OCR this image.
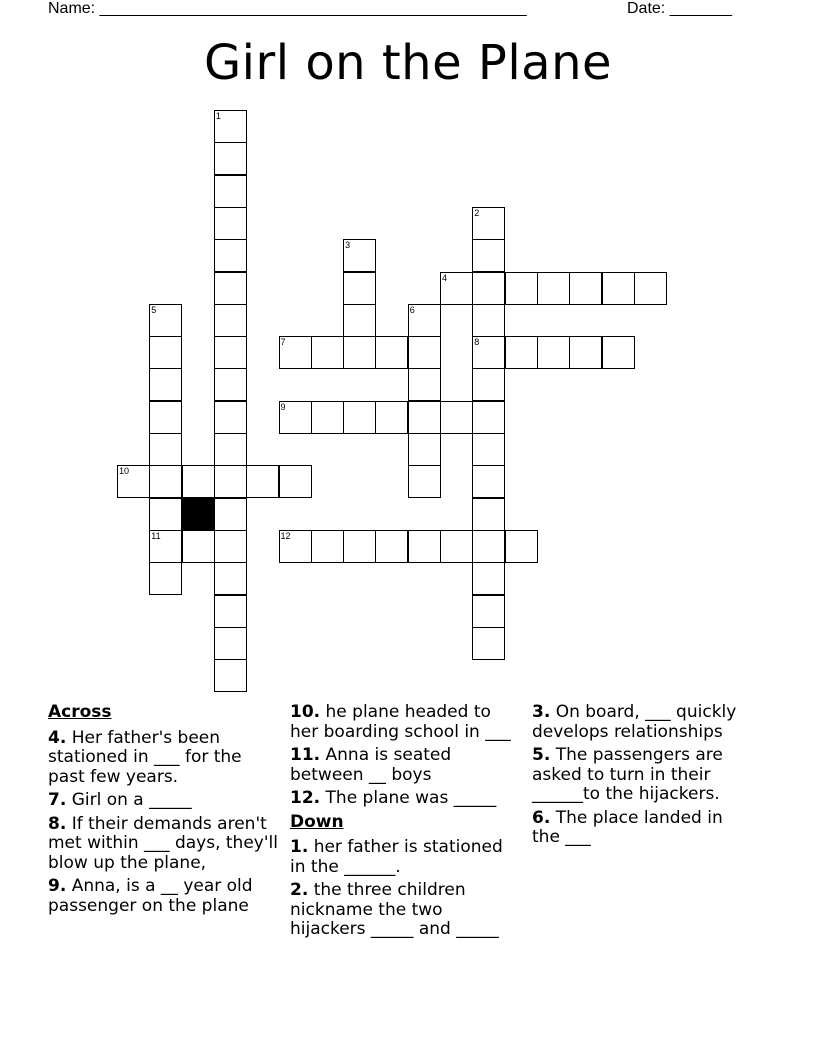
Name: ________________________________________________	Date: _______
Girl on the Plane
1
2
3
4
5	6
7	8
9
10
11	12
Across
4. Her father's been stationed in ___ for the past few years.
7. Girl on a _____
8. If their demands aren't met within ___ days, they'll blow up the plane,
9. Anna, is a __ year old passenger on the plane
10. he plane headed to her boarding school in ___
11. Anna is seated between __ boys
12. The plane was _____
Down
1. her father is stationed in the ______.
2. the three children nickname the two hijackers _____ and _____
3. On board, ___ quickly develops relationships
5. The passengers are asked to turn in their ______to the hijackers.
6. The place landed in the ___
